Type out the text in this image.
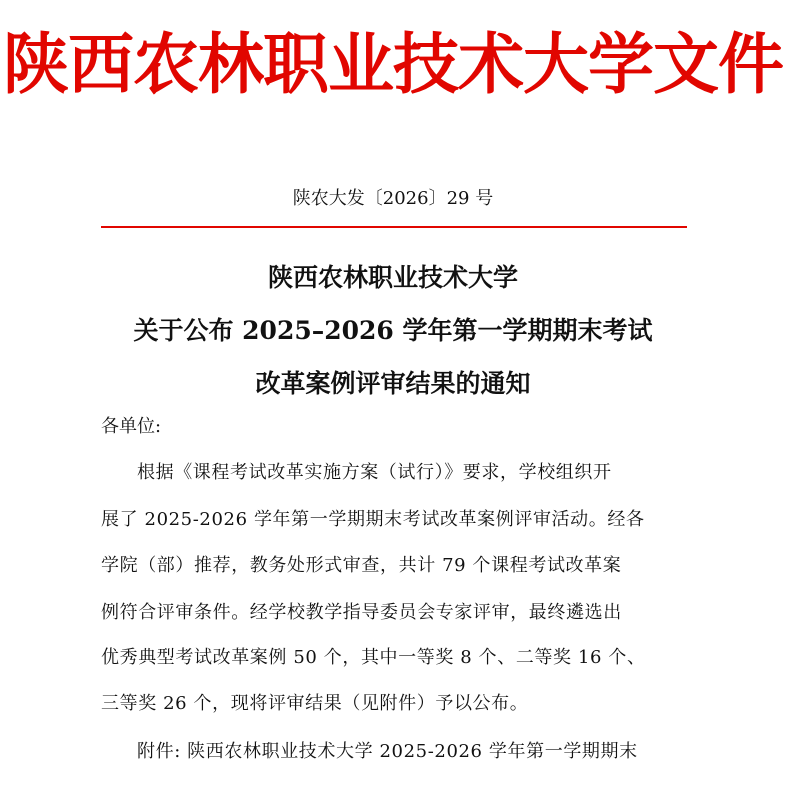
陕西农林职业技术大学文件
陕农大发〔2026〕29 号
陕西农林职业技术大学
关于公布 2025–2026 学年第一学期期末考试
改革案例评审结果的通知
各单位:
根据《课程考试改革实施方案（试行）》要求，学校组织开
展了 2025-2026 学年第一学期期末考试改革案例评审活动。经各
学院（部）推荐，教务处形式审查，共计 79 个课程考试改革案
例符合评审条件。经学校教学指导委员会专家评审，最终遴选出
优秀典型考试改革案例 50 个，其中一等奖 8 个、二等奖 16 个、
三等奖 26 个，现将评审结果（见附件）予以公布。
附件: 陕西农林职业技术大学 2025-2026 学年第一学期期末
